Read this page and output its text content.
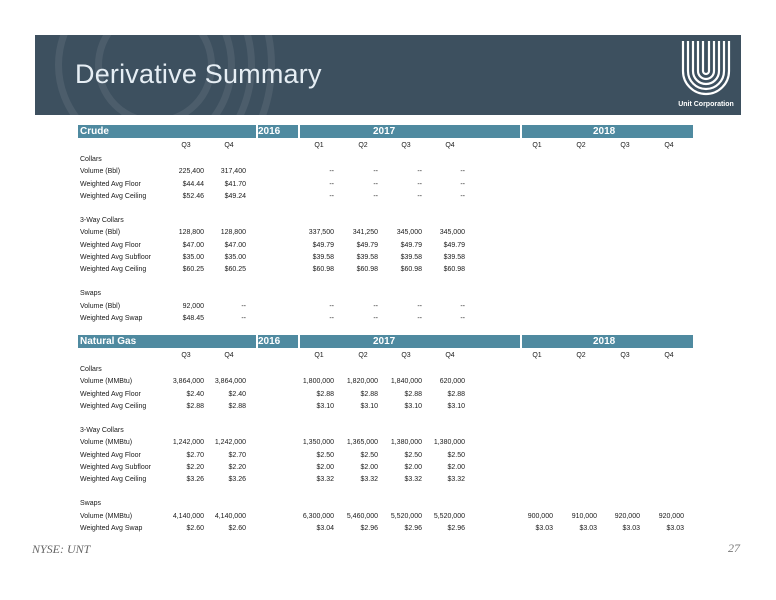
Derivative Summary
Unit Corporation
Crude	2016	2017	2018
Q3	Q4	Q1	Q2	Q3	Q4	Q1	Q2	Q3	Q4
Collars
Volume (Bbl)	225,400	317,400	--	--	--	--
Weighted Avg Floor	$44.44	$41.70	--	--	--	--
Weighted Avg Ceiling	$52.46	$49.24	--	--	--	--
3-Way Collars
Volume (Bbl)	128,800	128,800	337,500	341,250	345,000	345,000
Weighted Avg Floor	$47.00	$47.00	$49.79	$49.79	$49.79	$49.79
Weighted Avg Subfloor	$35.00	$35.00	$39.58	$39.58	$39.58	$39.58
Weighted Avg Ceiling	$60.25	$60.25	$60.98	$60.98	$60.98	$60.98
Swaps
Volume (Bbl)	92,000	--	--	--	--	--
Weighted Avg Swap	$48.45	--	--	--	--	--
Natural Gas	2016	2017	2018
Q3	Q4	Q1	Q2	Q3	Q4	Q1	Q2	Q3	Q4
Collars
Volume (MMBtu)	3,864,000	3,864,000	1,800,000	1,820,000	1,840,000	620,000
Weighted Avg Floor	$2.40	$2.40	$2.88	$2.88	$2.88	$2.88
Weighted Avg Ceiling	$2.88	$2.88	$3.10	$3.10	$3.10	$3.10
3-Way Collars
Volume (MMBtu)	1,242,000	1,242,000	1,350,000	1,365,000	1,380,000	1,380,000
Weighted Avg Floor	$2.70	$2.70	$2.50	$2.50	$2.50	$2.50
Weighted Avg Subfloor	$2.20	$2.20	$2.00	$2.00	$2.00	$2.00
Weighted Avg Ceiling	$3.26	$3.26	$3.32	$3.32	$3.32	$3.32
Swaps
Volume (MMBtu)	4,140,000	4,140,000	6,300,000	5,460,000	5,520,000	5,520,000	900,000	910,000	920,000	920,000
Weighted Avg Swap	$2.60	$2.60	$3.04	$2.96	$2.96	$2.96	$3.03	$3.03	$3.03	$3.03
NYSE: UNT	27
